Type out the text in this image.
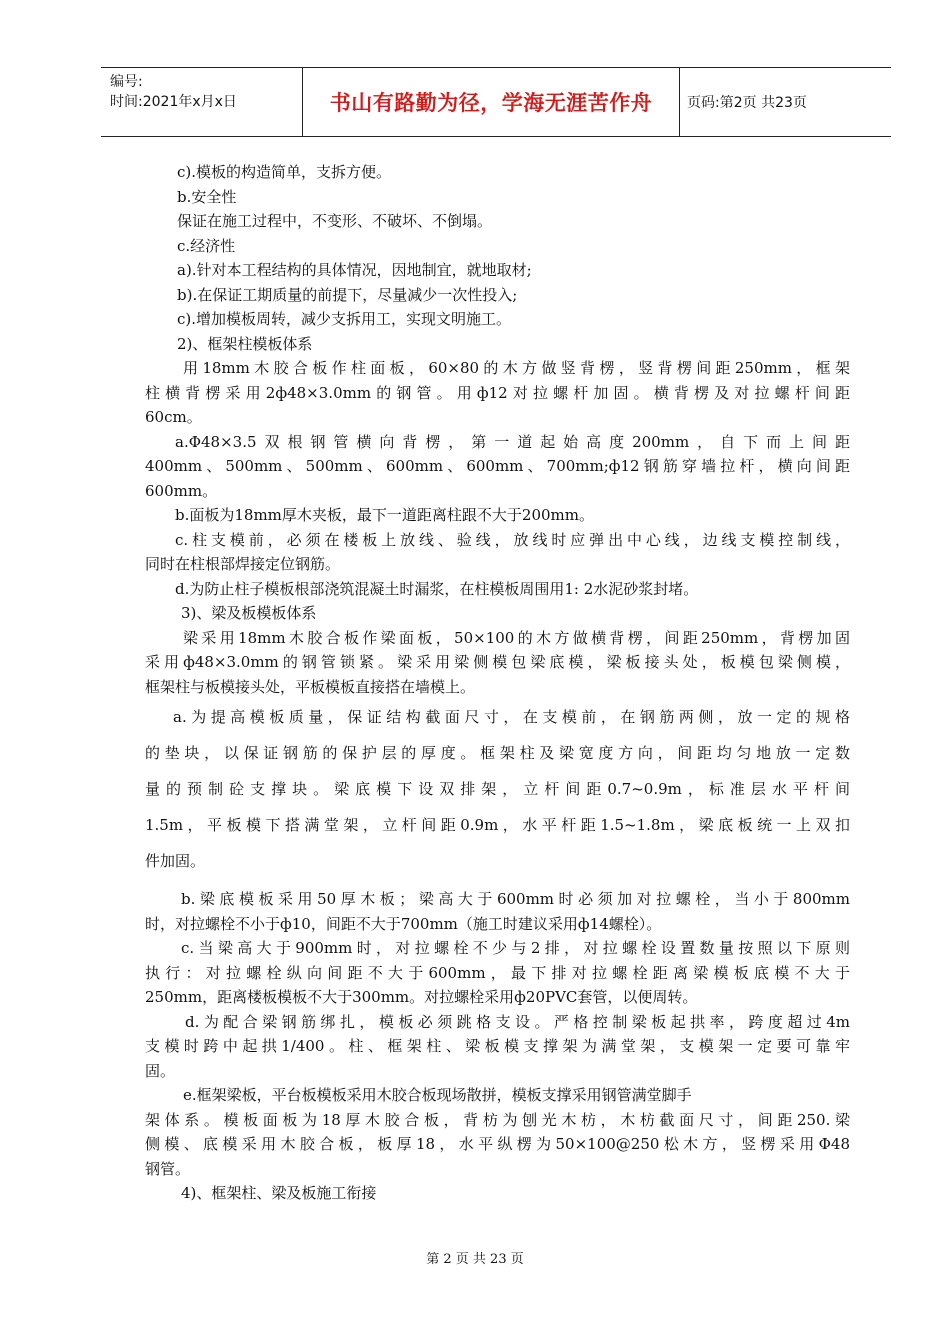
编号:
时间:2021年x月x日	书山有路勤为径，学海无涯苦作舟 页码:第2页 共23页

c).模板的构造简单，支拆方便。

b.安全性

保证在施工过程中，不变形、不破坏、不倒塌。

c.经济性

a).针对本工程结构的具体情况，因地制宜，就地取材;

b).在保证工期质量的前提下，尽量减少一次性投入;

c).增加模板周转，减少支拆用工，实现文明施工。

2)、框架柱模板体系

用18mm木胶合板作柱面板，60×80的木方做竖背楞，竖背楞间距250mm，框架

柱横背楞采用2ф48×3.0mm的钢管。用ф12对拉螺杆加固。横背楞及对拉螺杆间距

60cm。

a.Φ48×3.5双根钢管横向背楞，第一道起始高度200mm，自下而上间距

400mm、500mm、500mm、600mm、600mm、700mm;ф12钢筋穿墙拉杆，横向间距

600mm。

b.面板为18mm厚木夹板，最下一道距离柱跟不大于200mm。

c.柱支模前，必须在楼板上放线、验线，放线时应弹出中心线，边线支模控制线，

同时在柱根部焊接定位钢筋。

d.为防止柱子模板根部浇筑混凝土时漏浆，在柱模板周围用1: 2水泥砂浆封堵。

3)、梁及板模板体系

梁采用18mm木胶合板作梁面板，50×100的木方做横背楞，间距250mm，背楞加固

采用ф48×3.0mm的钢管锁紧。梁采用梁侧模包梁底模，梁板接头处，板模包梁侧模，

框架柱与板模接头处，平板模板直接搭在墙模上。

a.为提高模板质量，保证结构截面尺寸，在支模前，在钢筋两侧，放一定的规格

的垫块，以保证钢筋的保护层的厚度。框架柱及梁宽度方向，间距均匀地放一定数

量的预制砼支撑块。梁底模下设双排架，立杆间距0.7~0.9m，标准层水平杆间

1.5m，平板模下搭满堂架，立杆间距0.9m，水平杆距1.5~1.8m，梁底板统一上双扣

件加固。

b.梁底模板采用50厚木板；梁高大于600mm时必须加对拉螺栓，当小于800mm

时，对拉螺栓不小于ф10，间距不大于700mm（施工时建议采用ф14螺栓）。

c.当梁高大于900mm时，对拉螺栓不少与2排，对拉螺栓设置数量按照以下原则

执行：对拉螺栓纵向间距不大于600mm，最下排对拉螺栓距离梁模板底模不大于

250mm，距离楼板模板不大于300mm。对拉螺栓采用ф20PVC套管，以便周转。

d.为配合梁钢筋绑扎，模板必须跳格支设。严格控制梁板起拱率，跨度超过4m

支模时跨中起拱1/400。柱、框架柱、梁板模支撑架为满堂架，支模架一定要可靠牢

固。

e.框架梁板，平台板模板采用木胶合板现场散拼，模板支撑采用钢管满堂脚手

架体系。模板面板为18厚木胶合板，背枋为刨光木枋，木枋截面尺寸，间距250.梁

侧模、底模采用木胶合板，板厚18，水平纵楞为50×100@250松木方，竖楞采用Φ48

钢管。

4)、框架柱、梁及板施工衔接

第 2 页 共 23 页
